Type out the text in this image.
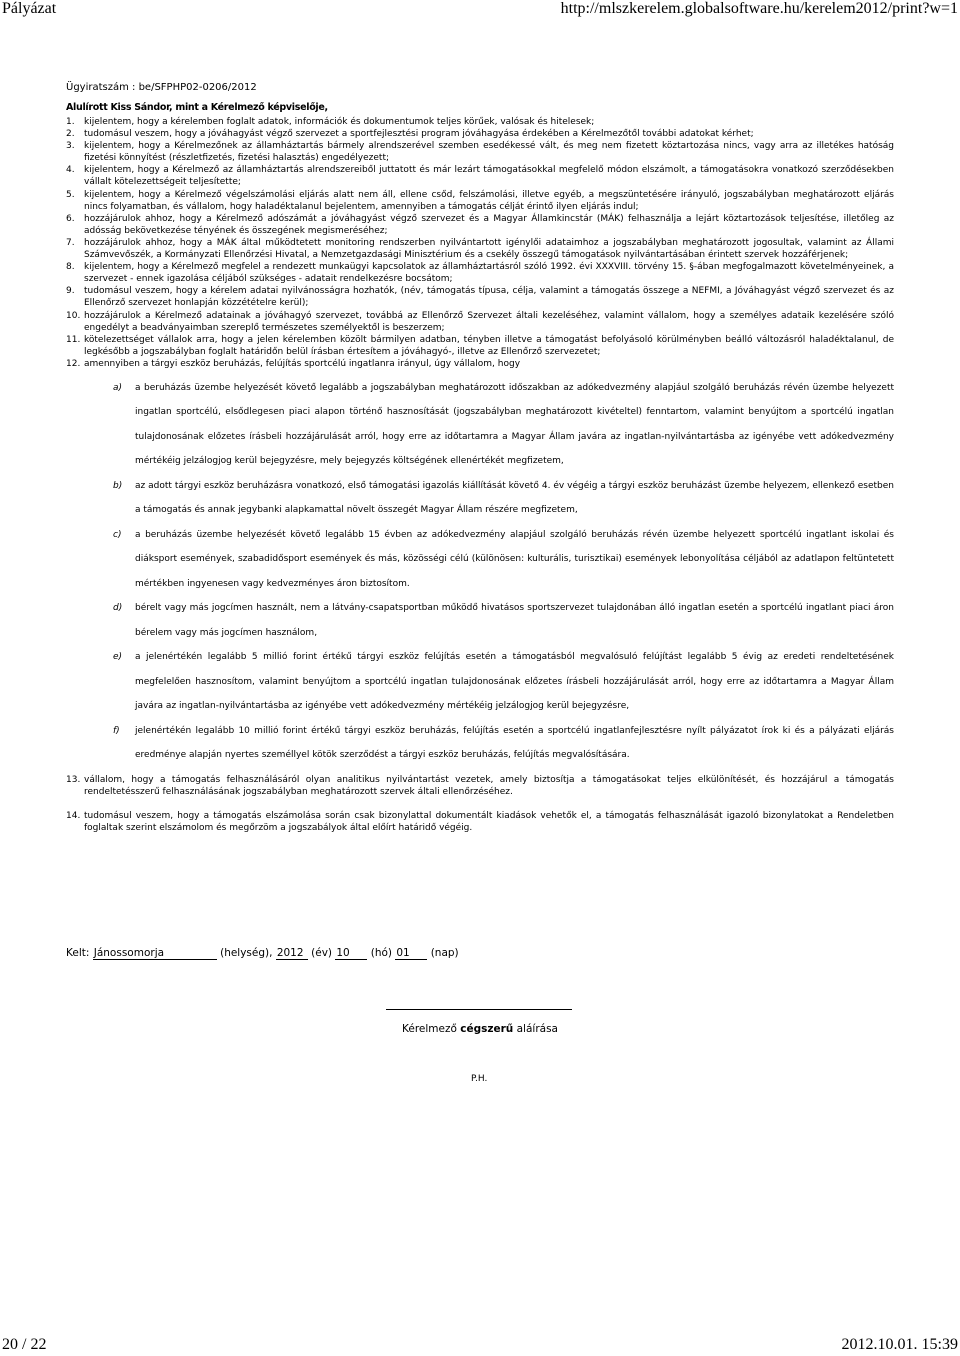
Pályázat	http://mlszkerelem.globalsoftware.hu/kerelem2012/print?w=1
Ügyiratszám : be/SFPHP02-0206/2012
Alulírott Kiss Sándor, mint a Kérelmező képviselője,
1. kijelentem, hogy a kérelemben foglalt adatok, információk és dokumentumok teljes körűek, valósak és hitelesek;
2. tudomásul veszem, hogy a jóváhagyást végző szervezet a sportfejlesztési program jóváhagyása érdekében a Kérelmezőtől további adatokat kérhet;
3. kijelentem, hogy a Kérelmezőnek az államháztartás bármely alrendszerével szemben esedékessé vált, és meg nem fizetett köztartozása nincs, vagy arra az illetékes hatóság fizetési könnyítést (részletfizetés, fizetési halasztás) engedélyezett;
4. kijelentem, hogy a Kérelmező az államháztartás alrendszereiből juttatott és már lezárt támogatásokkal megfelelő módon elszámolt, a támogatásokra vonatkozó szerződésekben vállalt kötelezettségeit teljesítette;
5. kijelentem, hogy a Kérelmező végelszámolási eljárás alatt nem áll, ellene csőd, felszámolási, illetve egyéb, a megszüntetésére irányuló, jogszabályban meghatározott eljárás nincs folyamatban, és vállalom, hogy haladéktalanul bejelentem, amennyiben a támogatás célját érintő ilyen eljárás indul;
6. hozzájárulok ahhoz, hogy a Kérelmező adószámát a jóváhagyást végző szervezet és a Magyar Államkincstár (MÁK) felhasználja a lejárt köztartozások teljesítése, illetőleg az adósság bekövetkezése tényének és összegének megismeréséhez;
7. hozzájárulok ahhoz, hogy a MÁK által működtetett monitoring rendszerben nyilvántartott igénylői adataimhoz a jogszabályban meghatározott jogosultak, valamint az Állami Számvevőszék, a Kormányzati Ellenőrzési Hivatal, a Nemzetgazdasági Minisztérium és a csekély összegű támogatások nyilvántartásában érintett szervek hozzáférjenek;
8. kijelentem, hogy a Kérelmező megfelel a rendezett munkaügyi kapcsolatok az államháztartásról szóló 1992. évi XXXVIII. törvény 15. §-ában megfogalmazott követelményeinek, a szervezet - ennek igazolása céljából szükséges - adatait rendelkezésre bocsátom;
9. tudomásul veszem, hogy a kérelem adatai nyilvánosságra hozhatók, (név, támogatás típusa, célja, valamint a támogatás összege a NEFMI, a Jóváhagyást végző szervezet és az Ellenőrző szervezet honlapján közzétételre kerül);
10. hozzájárulok a Kérelmező adatainak a jóváhagyó szervezet, továbbá az Ellenőrző Szervezet általi kezeléséhez, valamint vállalom, hogy a személyes adataik kezelésére szóló engedélyt a beadványaimban szereplő természetes személyektől is beszerzem;
11. kötelezettséget vállalok arra, hogy a jelen kérelemben közölt bármilyen adatban, tényben illetve a támogatást befolyásoló körülményben beálló változásról haladéktalanul, de legkésőbb a jogszabályban foglalt határidőn belül írásban értesítem a jóváhagyó-, illetve az Ellenőrző szervezetet;
12. amennyiben a tárgyi eszköz beruházás, felújítás sportcélú ingatlanra irányul, úgy vállalom, hogy
a) a beruházás üzembe helyezését követő legalább a jogszabályban meghatározott időszakban az adókedvezmény alapjául szolgáló beruházás révén üzembe helyezett ingatlan sportcélú, elsődlegesen piaci alapon történő hasznosítását (jogszabályban meghatározott kivételtel) fenntartom, valamint benyújtom a sportcélú ingatlan tulajdonosának előzetes írásbeli hozzájárulását arról, hogy erre az időtartamra a Magyar Állam javára az ingatlan-nyilvántartásba az igényébe vett adókedvezmény mértékéig jelzálogjog kerül bejegyzésre, mely bejegyzés költségének ellenértékét megfizetem,
b) az adott tárgyi eszköz beruházásra vonatkozó, első támogatási igazolás kiállítását követő 4. év végéig a tárgyi eszköz beruházást üzembe helyezem, ellenkező esetben a támogatás és annak jegybanki alapkamattal növelt összegét Magyar Állam részére megfizetem,
c) a beruházás üzembe helyezését követő legalább 15 évben az adókedvezmény alapjául szolgáló beruházás révén üzembe helyezett sportcélú ingatlant iskolai és diáksport események, szabadidősport események és más, közösségi célú (különösen: kulturális, turisztikai) események lebonyolítása céljából az adatlapon feltüntetett mértékben ingyenesen vagy kedvezményes áron biztosítom.
d) bérelt vagy más jogcímen használt, nem a látvány-csapatsportban működő hivatásos sportszervezet tulajdonában álló ingatlan esetén a sportcélú ingatlant piaci áron bérelem vagy más jogcímen használom,
e) a jelenértékén legalább 5 millió forint értékű tárgyi eszköz felújítás esetén a támogatásból megvalósuló felújítást legalább 5 évig az eredeti rendeltetésének megfelelően hasznosítom, valamint benyújtom a sportcélú ingatlan tulajdonosának előzetes írásbeli hozzájárulását arról, hogy erre az időtartamra a Magyar Állam javára az ingatlan-nyilvántartásba az igényébe vett adókedvezmény mértékéig jelzálogjog kerül bejegyzésre,
f) jelenértékén legalább 10 millió forint értékű tárgyi eszköz beruházás, felújítás esetén a sportcélú ingatlanfejlesztésre nyílt pályázatot írok ki és a pályázati eljárás eredménye alapján nyertes személlyel kötök szerződést a tárgyi eszköz beruházás, felújítás megvalósítására.
13. vállalom, hogy a támogatás felhasználásáról olyan analitikus nyilvántartást vezetek, amely biztosítja a támogatásokat teljes elkülönítését, és hozzájárul a támogatás rendeltetésszerű felhasználásának jogszabályban meghatározott szervek általi ellenőrzéséhez.
14. tudomásul veszem, hogy a támogatás elszámolása során csak bizonylattal dokumentált kiadások vehetők el, a támogatás felhasználását igazoló bizonylatokat a Rendeletben foglaltak szerint elszámolom és megőrzöm a jogszabályok által előírt határidő végéig.
Kelt: Jánossomorja	(helység), 2012 (év) 10 (hó) 01 (nap)
Kérelmező cégszerű aláírása
P.H.
20 / 22	2012.10.01. 15:39
